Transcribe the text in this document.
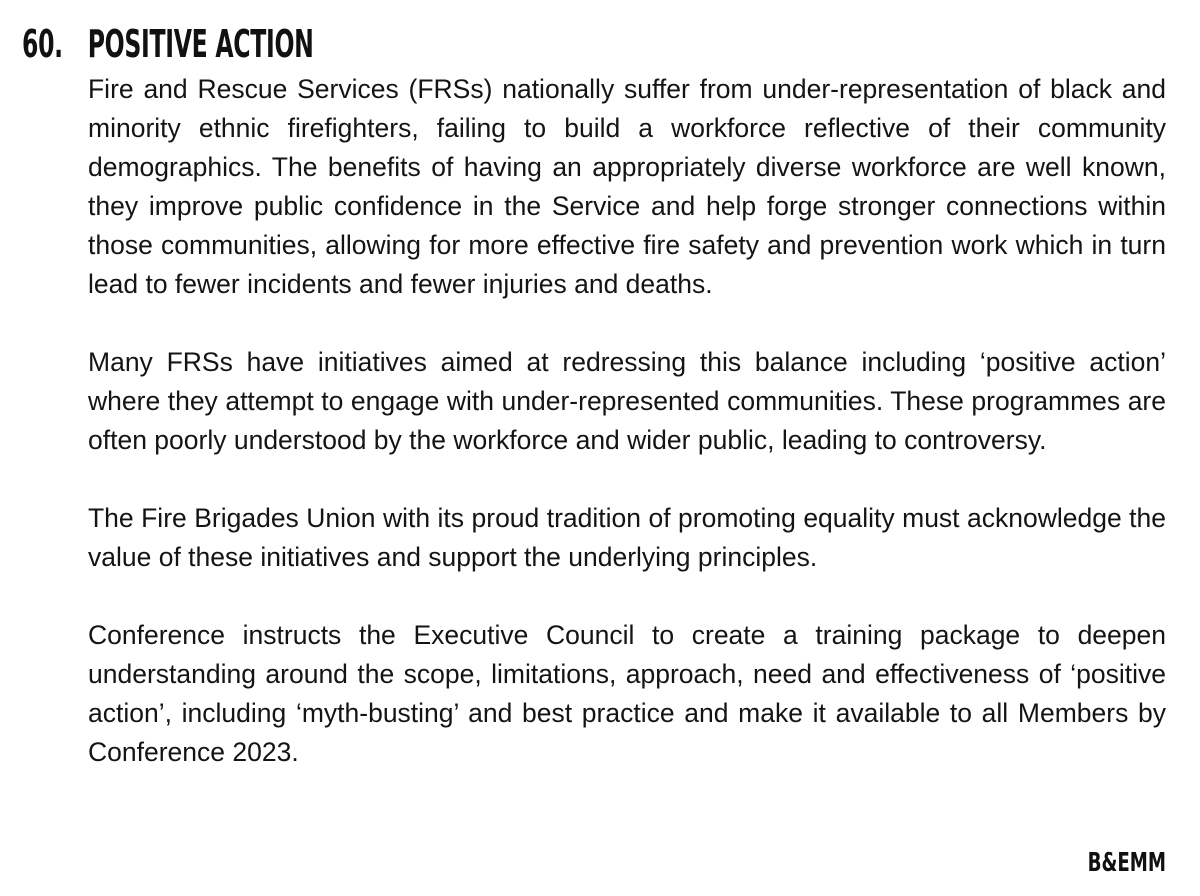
60. POSITIVE ACTION

Fire and Rescue Services (FRSs) nationally suffer from under-representation of black and minority ethnic firefighters, failing to build a workforce reflective of their community demographics. The benefits of having an appropriately diverse workforce are well known, they improve public confidence in the Service and help forge stronger connections within those communities, allowing for more effective fire safety and prevention work which in turn lead to fewer incidents and fewer injuries and deaths.

Many FRSs have initiatives aimed at redressing this balance including ‘positive action’ where they attempt to engage with under-represented communities. These programmes are often poorly understood by the workforce and wider public, leading to controversy.

The Fire Brigades Union with its proud tradition of promoting equality must acknowledge the value of these initiatives and support the underlying principles.

Conference instructs the Executive Council to create a training package to deepen understanding around the scope, limitations, approach, need and effectiveness of ‘positive action’, including ‘myth-busting’ and best practice and make it available to all Members by Conference 2023.

B&EMM
